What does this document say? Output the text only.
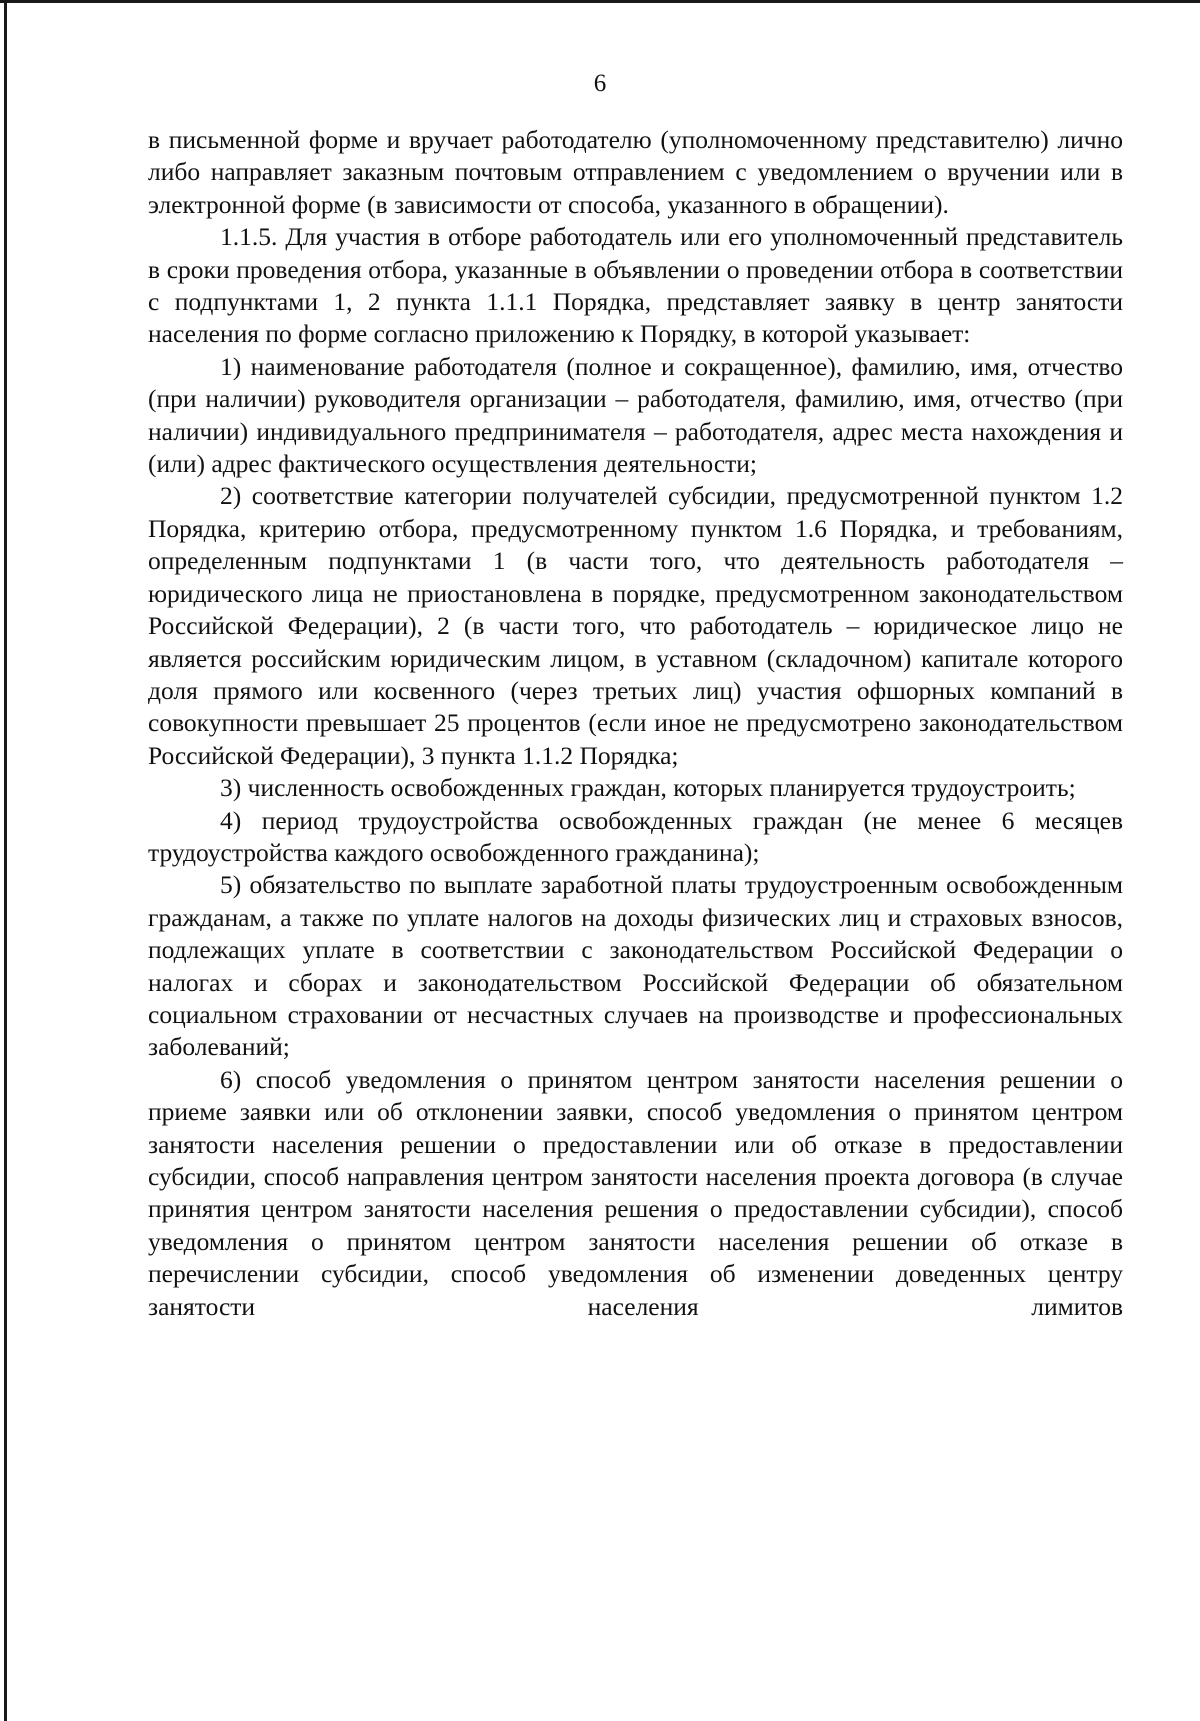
6

в письменной форме и вручает работодателю (уполномоченному представителю) лично либо направляет заказным почтовым отправлением с уведомлением о вручении или в электронной форме (в зависимости от способа, указанного в обращении).

1.1.5. Для участия в отборе работодатель или его уполномоченный представитель в сроки проведения отбора, указанные в объявлении о проведении отбора в соответствии с подпунктами 1, 2 пункта 1.1.1 Порядка, представляет заявку в центр занятости населения по форме согласно приложению к Порядку, в которой указывает:

1) наименование работодателя (полное и сокращенное), фамилию, имя, отчество (при наличии) руководителя организации – работодателя, фамилию, имя, отчество (при наличии) индивидуального предпринимателя – работодателя, адрес места нахождения и (или) адрес фактического осуществления деятельности;

2) соответствие категории получателей субсидии, предусмотренной пунктом 1.2 Порядка, критерию отбора, предусмотренному пунктом 1.6 Порядка, и требованиям, определенным подпунктами 1 (в части того, что деятельность работодателя – юридического лица не приостановлена в порядке, предусмотренном законодательством Российской Федерации), 2 (в части того, что работодатель – юридическое лицо не является российским юридическим лицом, в уставном (складочном) капитале которого доля прямого или косвенного (через третьих лиц) участия офшорных компаний в совокупности превышает 25 процентов (если иное не предусмотрено законодательством Российской Федерации), 3 пункта 1.1.2 Порядка;

3) численность освобожденных граждан, которых планируется трудоустроить;

4) период трудоустройства освобожденных граждан (не менее 6 месяцев трудоустройства каждого освобожденного гражданина);

5) обязательство по выплате заработной платы трудоустроенным освобожденным гражданам, а также по уплате налогов на доходы физических лиц и страховых взносов, подлежащих уплате в соответствии с законодательством Российской Федерации о налогах и сборах и законодательством Российской Федерации об обязательном социальном страховании от несчастных случаев на производстве и профессиональных заболеваний;

6) способ уведомления о принятом центром занятости населения решении о приеме заявки или об отклонении заявки, способ уведомления о принятом центром занятости населения решении о предоставлении или об отказе в предоставлении субсидии, способ направления центром занятости населения проекта договора (в случае принятия центром занятости населения решения о предоставлении субсидии), способ уведомления о принятом центром занятости населения решении об отказе в перечислении субсидии, способ уведомления об изменении доведенных центру занятости населения лимитов
